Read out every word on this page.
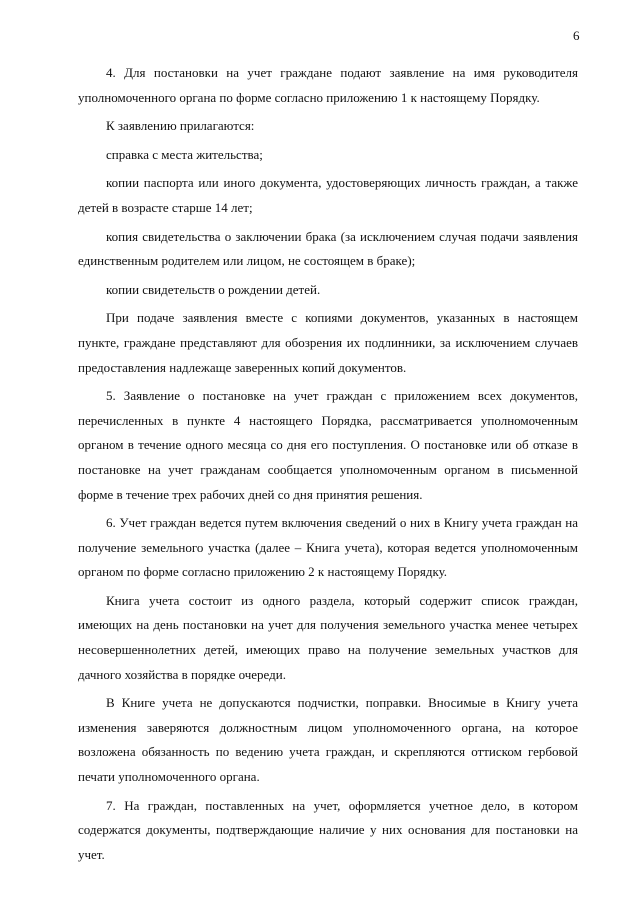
6

4. Для постановки на учет граждане подают заявление на имя руководителя уполномоченного органа по форме согласно приложению 1 к настоящему Порядку.

К заявлению прилагаются:

справка с места жительства;

копии паспорта или иного документа, удостоверяющих личность граждан, а также детей в возрасте старше 14 лет;

копия свидетельства о заключении брака (за исключением случая подачи заявления единственным родителем или лицом, не состоящем в браке);

копии свидетельств о рождении детей.

При подаче заявления вместе с копиями документов, указанных в настоящем пункте, граждане представляют для обозрения их подлинники, за исключением случаев предоставления надлежаще заверенных копий документов.

5. Заявление о постановке на учет граждан с приложением всех документов, перечисленных в пункте 4 настоящего Порядка, рассматривается уполномоченным органом в течение одного месяца со дня его поступления. О постановке или об отказе в постановке на учет гражданам сообщается уполномоченным органом в письменной форме в течение трех рабочих дней со дня принятия решения.

6. Учет граждан ведется путем включения сведений о них в Книгу учета граждан на получение земельного участка (далее – Книга учета), которая ведется уполномоченным органом по форме согласно приложению 2 к настоящему Порядку.

Книга учета состоит из одного раздела, который содержит список граждан, имеющих на день постановки на учет для получения земельного участка менее четырех несовершеннолетних детей, имеющих право на получение земельных участков для дачного хозяйства в порядке очереди.

В Книге учета не допускаются подчистки, поправки. Вносимые в Книгу учета изменения заверяются должностным лицом уполномоченного органа, на которое возложена обязанность по ведению учета граждан, и скрепляются оттиском гербовой печати уполномоченного органа.

7. На граждан, поставленных на учет, оформляется учетное дело, в котором содержатся документы, подтверждающие наличие у них основания для постановки на учет.
